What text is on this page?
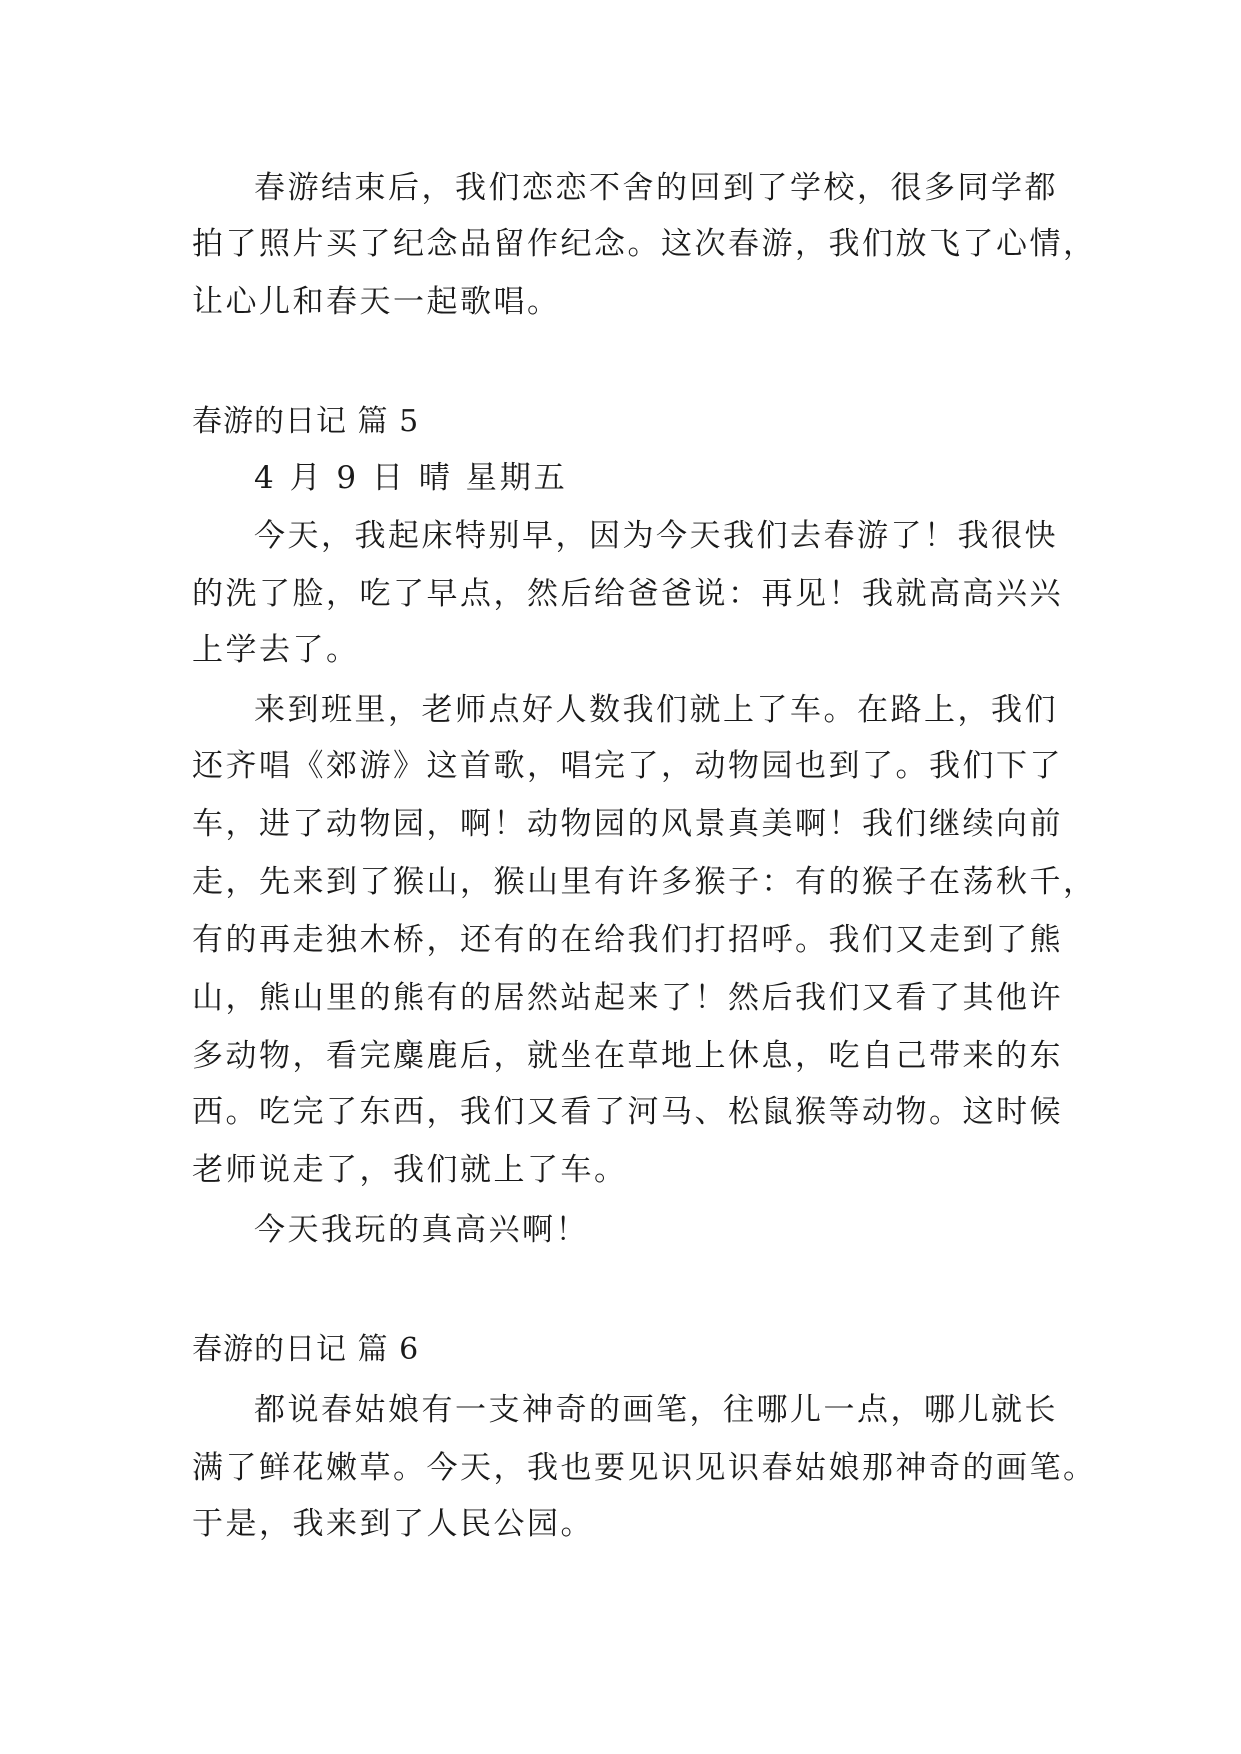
春游结束后，我们恋恋不舍的回到了学校，很多同学都
拍了照片买了纪念品留作纪念。这次春游，我们放飞了心情，
让心儿和春天一起歌唱。
春游的日记 篇 5
4 月 9 日 晴 星期五
今天，我起床特别早，因为今天我们去春游了！我很快
的洗了脸，吃了早点，然后给爸爸说：再见！我就高高兴兴
上学去了。
来到班里，老师点好人数我们就上了车。在路上，我们
还齐唱《郊游》这首歌，唱完了，动物园也到了。我们下了
车，进了动物园，啊！动物园的风景真美啊！我们继续向前
走，先来到了猴山，猴山里有许多猴子：有的猴子在荡秋千，
有的再走独木桥，还有的在给我们打招呼。我们又走到了熊
山，熊山里的熊有的居然站起来了！然后我们又看了其他许
多动物，看完麋鹿后，就坐在草地上休息，吃自己带来的东
西。吃完了东西，我们又看了河马、松鼠猴等动物。这时候
老师说走了，我们就上了车。
今天我玩的真高兴啊！
春游的日记 篇 6
都说春姑娘有一支神奇的画笔，往哪儿一点，哪儿就长
满了鲜花嫩草。今天，我也要见识见识春姑娘那神奇的画笔。
于是，我来到了人民公园。
